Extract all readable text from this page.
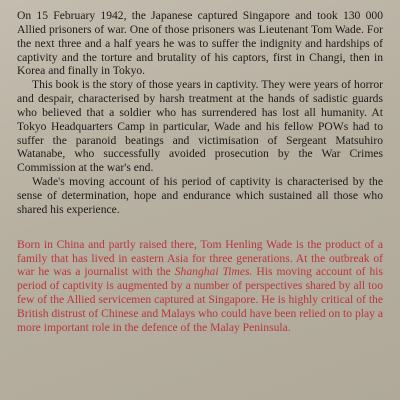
On 15 February 1942, the Japanese captured Singapore and took 130 000 Allied prisoners of war. One of those prisoners was Lieutenant Tom Wade. For the next three and a half years he was to suffer the indignity and hardships of captivity and the torture and brutality of his captors, first in Changi, then in Korea and finally in Tokyo.

This book is the story of those years in captivity. They were years of horror and despair, characterised by harsh treatment at the hands of sadistic guards who believed that a soldier who has surrendered has lost all humanity. At Tokyo Headquarters Camp in particular, Wade and his fellow POWs had to suffer the paranoid beatings and victimisation of Sergeant Matsuhiro Watanabe, who successfully avoided prosecution by the War Crimes Commission at the war's end.

Wade's moving account of his period of captivity is characterised by the sense of determination, hope and endurance which sustained all those who shared his experience.

Born in China and partly raised there, Tom Henling Wade is the product of a family that has lived in eastern Asia for three generations. At the outbreak of war he was a journalist with the Shanghai Times. His moving account of his period of captivity is augmented by a number of perspectives shared by all too few of the Allied servicemen captured at Singapore. He is highly critical of the British distrust of Chinese and Malays who could have been relied on to play a more important role in the defence of the Malay Peninsula.
